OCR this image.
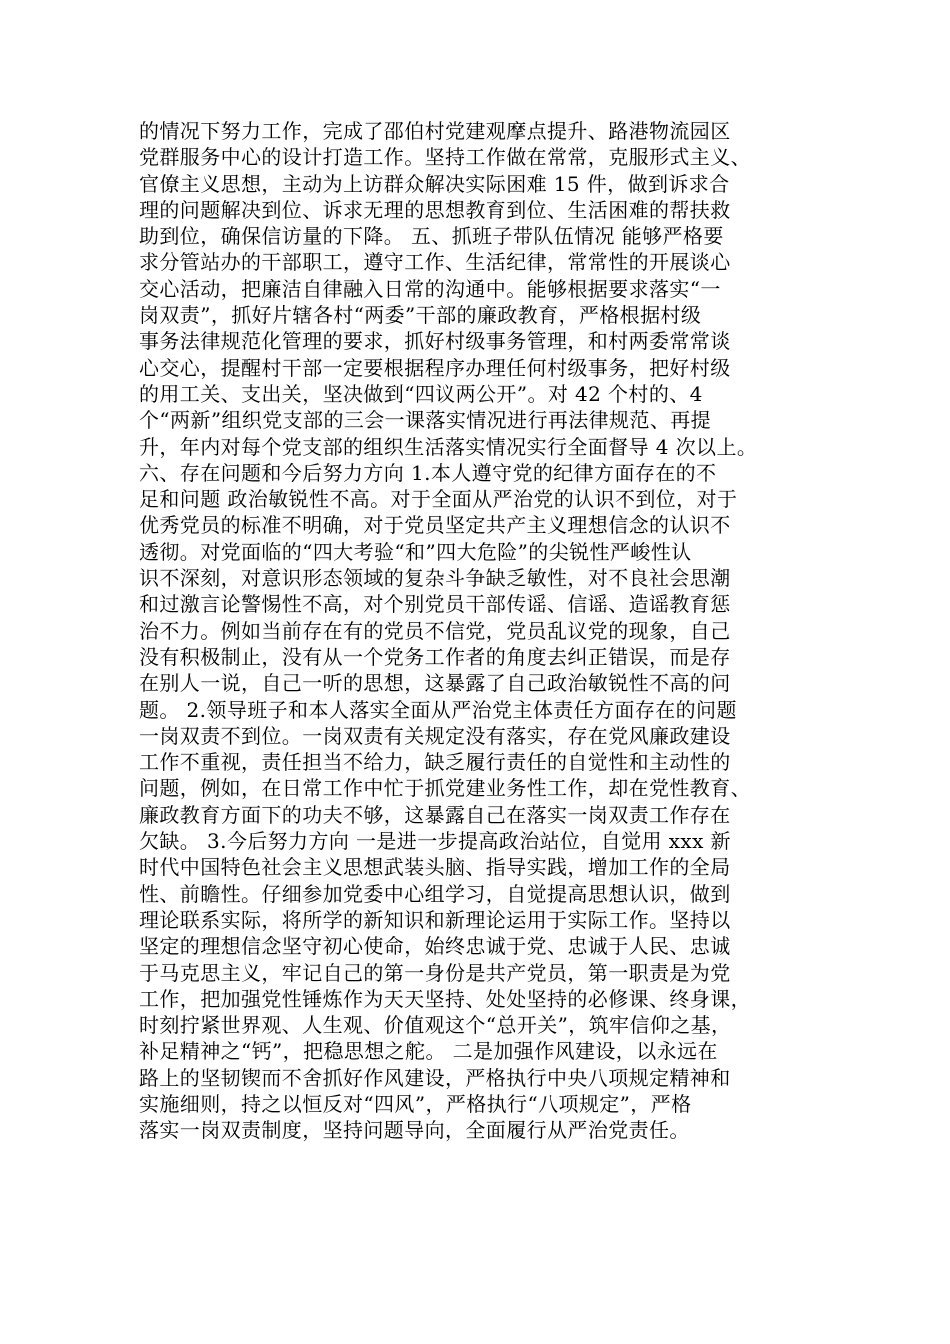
的情况下努力工作，完成了邵伯村党建观摩点提升、路港物流园区
党群服务中心的设计打造工作。坚持工作做在常常，克服形式主义、
官僚主义思想，主动为上访群众解决实际困难 15 件，做到诉求合
理的问题解决到位、诉求无理的思想教育到位、生活困难的帮扶救
助到位，确保信访量的下降。 五、抓班子带队伍情况 能够严格要
求分管站办的干部职工，遵守工作、生活纪律，常常性的开展谈心
交心活动，把廉洁自律融入日常的沟通中。能够根据要求落实“一
岗双责”，抓好片辖各村“两委”干部的廉政教育，严格根据村级
事务法律规范化管理的要求，抓好村级事务管理，和村两委常常谈
心交心，提醒村干部一定要根据程序办理任何村级事务，把好村级
的用工关、支出关，坚决做到“四议两公开”。对 42 个村的、4
个“两新”组织党支部的三会一课落实情况进行再法律规范、再提
升，年内对每个党支部的组织生活落实情况实行全面督导 4 次以上。
六、存在问题和今后努力方向 1.本人遵守党的纪律方面存在的不
足和问题 政治敏锐性不高。对于全面从严治党的认识不到位，对于
优秀党员的标准不明确，对于党员坚定共产主义理想信念的认识不
透彻。对党面临的“四大考验“和”四大危险”的尖锐性严峻性认
识不深刻，对意识形态领域的复杂斗争缺乏敏性，对不良社会思潮
和过激言论警惕性不高，对个别党员干部传谣、信谣、造谣教育惩
治不力。例如当前存在有的党员不信党，党员乱议党的现象，自己
没有积极制止，没有从一个党务工作者的角度去纠正错误，而是存
在别人一说，自己一听的思想，这暴露了自己政治敏锐性不高的问
题。 2.领导班子和本人落实全面从严治党主体责任方面存在的问题
一岗双责不到位。一岗双责有关规定没有落实，存在党风廉政建设
工作不重视，责任担当不给力，缺乏履行责任的自觉性和主动性的
问题，例如，在日常工作中忙于抓党建业务性工作，却在党性教育、
廉政教育方面下的功夫不够，这暴露自己在落实一岗双责工作存在
欠缺。 3.今后努力方向 一是进一步提高政治站位，自觉用 xxx 新
时代中国特色社会主义思想武装头脑、指导实践，增加工作的全局
性、前瞻性。仔细参加党委中心组学习，自觉提高思想认识，做到
理论联系实际，将所学的新知识和新理论运用于实际工作。坚持以
坚定的理想信念坚守初心使命，始终忠诚于党、忠诚于人民、忠诚
于马克思主义，牢记自己的第一身份是共产党员，第一职责是为党
工作，把加强党性锤炼作为天天坚持、处处坚持的必修课、终身课，
时刻拧紧世界观、人生观、价值观这个“总开关”，筑牢信仰之基，
补足精神之“钙”，把稳思想之舵。 二是加强作风建设，以永远在
路上的坚韧锲而不舍抓好作风建设，严格执行中央八项规定精神和
实施细则，持之以恒反对“四风”，严格执行“八项规定”，严格
落实一岗双责制度，坚持问题导向，全面履行从严治党责任。
